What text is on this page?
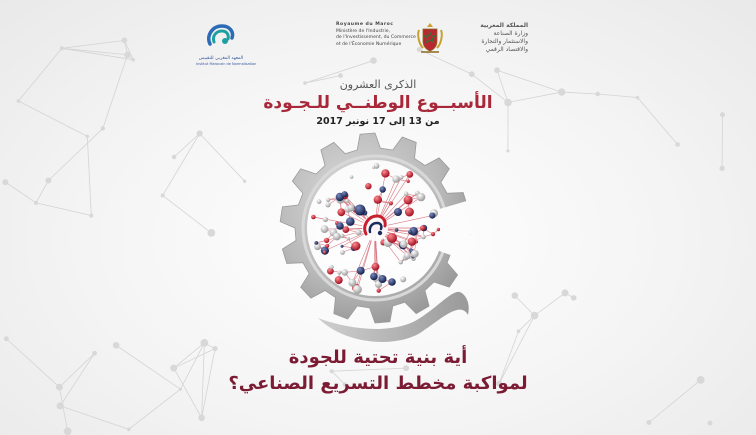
المعهد المغربي للتقييس
Institut Marocain de Normalisation
Royaume du Maroc
Ministère de l'Industrie,
de l'Investissement, du Commerce
et de l'Économie Numérique
المملكة المغربية
وزارة الصناعة
والاستثمار والتجارة
والاقتصاد الرقمي
الذكرى العشرون
الأسبــوع الوطنــي للـجـودة
من 13 إلى 17 نونبر 2017
أية بنية تحتية للجودة
لمواكبة مخطط التسريع الصناعي؟
